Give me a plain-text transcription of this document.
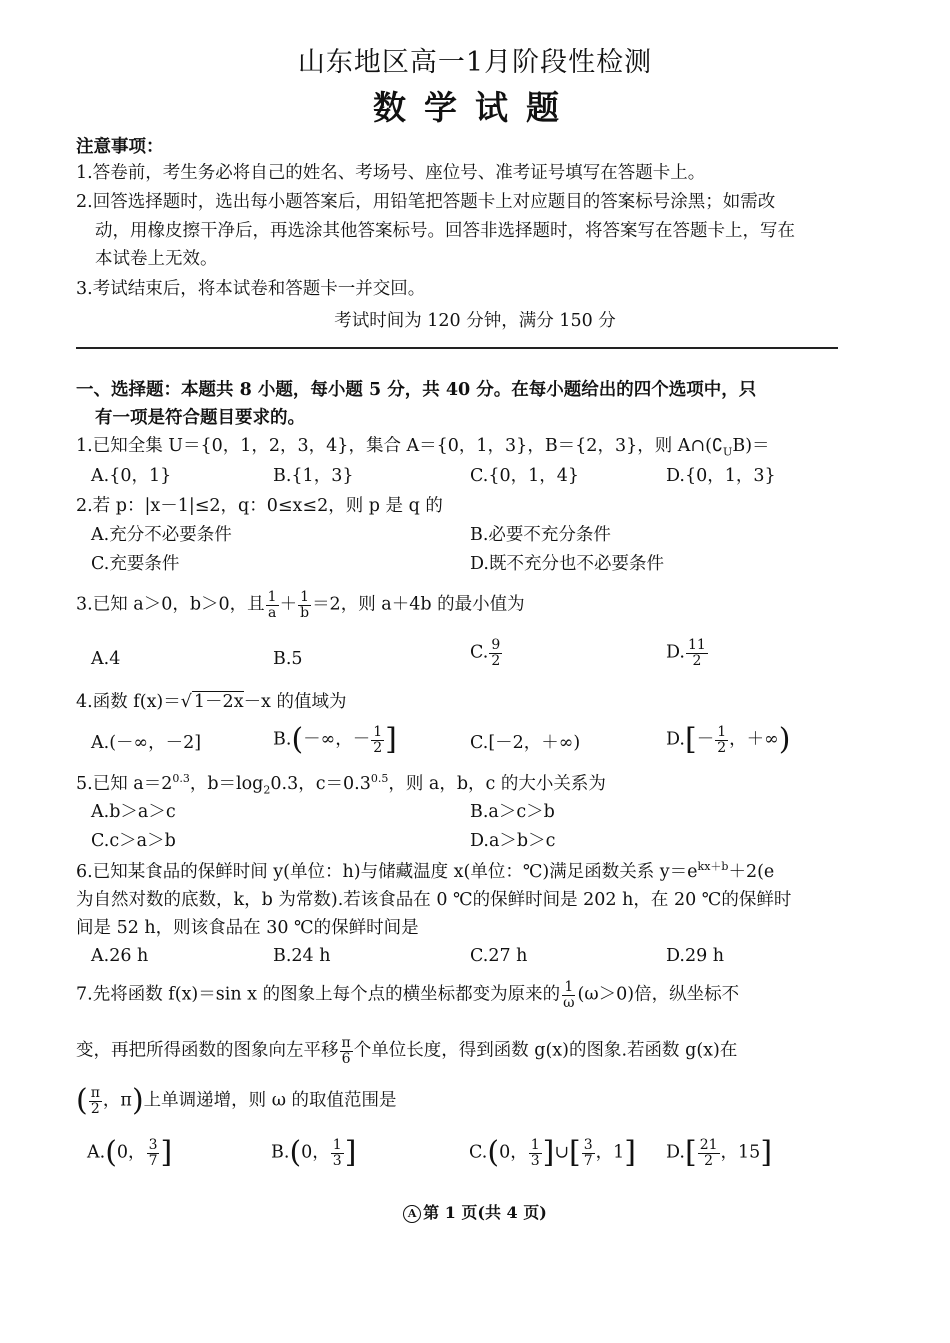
山东地区高一1月阶段性检测
数学试题
注意事项：
1.答卷前，考生务必将自己的姓名、考场号、座位号、准考证号填写在答题卡上。
2.回答选择题时，选出每小题答案后，用铅笔把答题卡上对应题目的答案标号涂黑；如需改
动，用橡皮擦干净后，再选涂其他答案标号。回答非选择题时，将答案写在答题卡上，写在
本试卷上无效。
3.考试结束后，将本试卷和答题卡一并交回。
考试时间为 120 分钟，满分 150 分
一、选择题：本题共 8 小题，每小题 5 分，共 40 分。在每小题给出的四个选项中，只
有一项是符合题目要求的。
1.已知全集 U＝{0，1，2，3，4}，集合 A＝{0，1，3}，B＝{2，3}，则 $A\cap(∁_UB)=$
A.{0，1}	B.{1，3}	C.{0，1，4}	D.{0，1，3}
2.若 p：|x－1|≤2，q：0≤x≤2，则 p 是 q 的
A.充分不必要条件	B.必要不充分条件
C.充要条件	D.既不充分也不必要条件
3.已知 a＞0，b＞0，且 $\frac{1}{a} + \frac{1}{b} =2$，则 a＋4b 的最小值为
A.4	B.5	C. $\frac{9}{2}$	D. $\frac{11}{2}$
4.函数 f(x)＝√ 1－2x－x 的值域为
A.(－∞，－2]	B.(－∞，－ $\frac{1}{2}$ ]	C.[－2，＋∞)	$D.[- \frac{1}{2}$ ，＋∞)
5.已知 $a=2^{0.3}$，$b=\log_20.3$，$c=0.3^{0.5}$，则 a，b，c 的大小关系为
A.b＞a＞c	B.a＞c＞b
C.c＞a＞b	D.a＞b＞c
6.已知某食品的保鲜时间 y(单位：h)与储藏温度 x(单位：℃)满足函数关系 $y=e^{kx+b}+2(e$
为自然对数的底数，k，b 为常数).若该食品在 0 ℃的保鲜时间是 202 h，在 20 ℃的保鲜时
间是 52 h，则该食品在 30 ℃的保鲜时间是
A.26 h	B.24 h	C.27 h	D.29 h
7.先将函数 f(x)＝sin x 的图象上每个点的横坐标都变为原来的 $\frac{1}{\omega} (\omega>0)$倍，纵坐标不
变，再把所得函数的图象向左平移 $\frac{\pi}{6}$ 个单位长度，得到函数 g(x)的图象.若函数 g(x)在
( $\frac{\pi}{2}$ ，π)上单调递增，则 ω 的取值范围是
A.(0， $\frac{3}{7}$ ]	B.(0， $\frac{1}{3}$ ]	C.(0， $\frac{1}{3}$ ]∪[ $\frac{3}{7}$ ，1] $D.[ \frac{21}{2}$ ，15]
A 第 1 页(共 4 页)
